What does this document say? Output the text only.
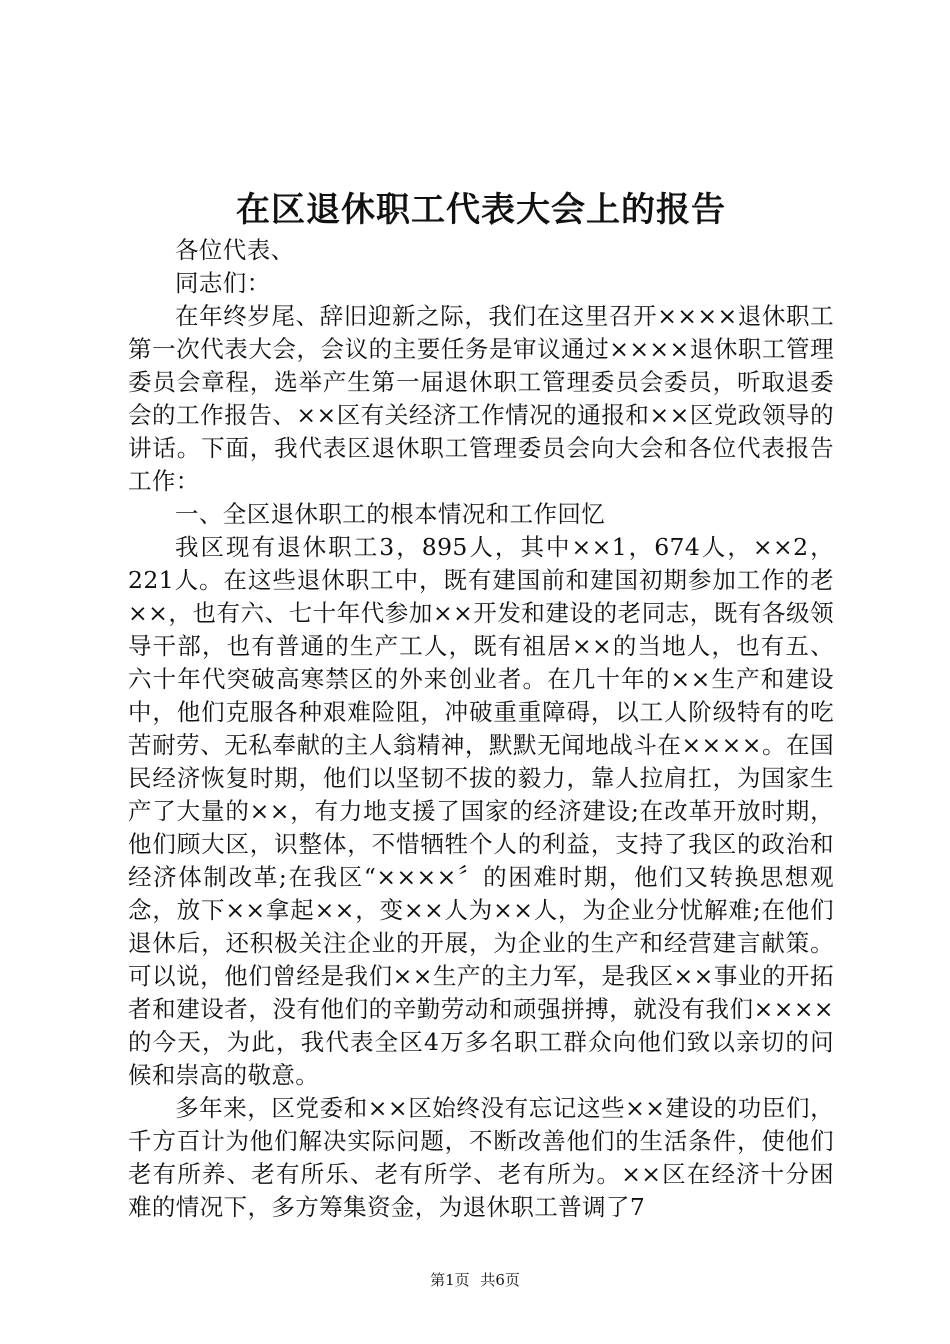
在区退休职工代表大会上的报告

各位代表、

同志们：

在年终岁尾、辞旧迎新之际，我们在这里召开××××退休职工第一次代表大会，会议的主要任务是审议通过××××退休职工管理委员会章程，选举产生第一届退休职工管理委员会委员，听取退委会的工作报告、××区有关经济工作情况的通报和××区党政领导的讲话。下面，我代表区退休职工管理委员会向大会和各位代表报告工作：

一、全区退休职工的根本情况和工作回忆

我区现有退休职工3，895人，其中××1，674人，××2，221人。在这些退休职工中，既有建国前和建国初期参加工作的老××，也有六、七十年代参加××开发和建设的老同志，既有各级领导干部，也有普通的生产工人，既有祖居××的当地人，也有五、六十年代突破高寒禁区的外来创业者。在几十年的××生产和建设中，他们克服各种艰难险阻，冲破重重障碍，以工人阶级特有的吃苦耐劳、无私奉献的主人翁精神，默默无闻地战斗在××××。在国民经济恢复时期，他们以坚韧不拔的毅力，靠人拉肩扛，为国家生产了大量的××，有力地支援了国家的经济建设;在改革开放时期，他们顾大区，识整体，不惜牺牲个人的利益，支持了我区的政治和经济体制改革;在我区“××××〞的困难时期，他们又转换思想观念，放下××拿起××，变××人为××人，为企业分忧解难;在他们退休后，还积极关注企业的开展，为企业的生产和经营建言献策。可以说，他们曾经是我们××生产的主力军，是我区××事业的开拓者和建设者，没有他们的辛勤劳动和顽强拼搏，就没有我们××××的今天，为此，我代表全区4万多名职工群众向他们致以亲切的问候和崇高的敬意。

多年来，区党委和××区始终没有忘记这些××建设的功臣们，千方百计为他们解决实际问题，不断改善他们的生活条件，使他们老有所养、老有所乐、老有所学、老有所为。××区在经济十分困难的情况下，多方筹集资金，为退休职工普调了7

第1页 共6页
